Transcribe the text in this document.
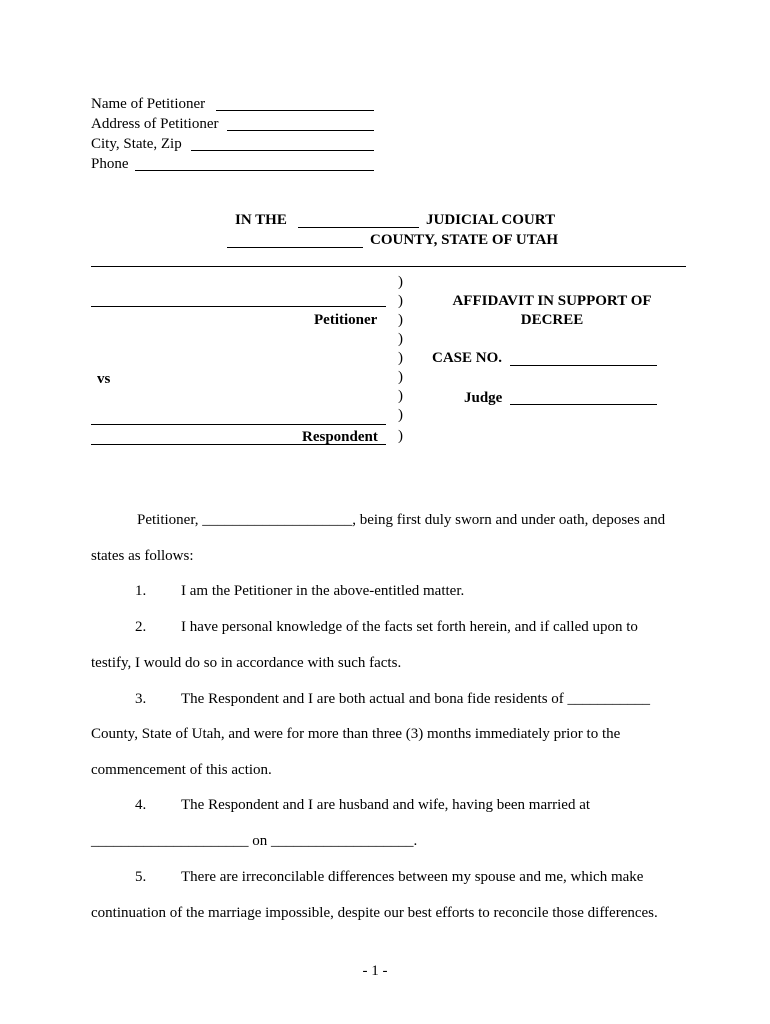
Name of Petitioner
Address of Petitioner
City, State, Zip
Phone
IN THE	JUDICIAL COURT
COUNTY, STATE OF UTAH
Petitioner
vs
Respondent
)
)
)
)
)
)
)
)
)
AFFIDAVIT IN SUPPORT OF
DECREE
CASE NO.
Judge
Petitioner, ____________________, being first duly sworn and under oath, deposes and
states as follows:
1. I am the Petitioner in the above-entitled matter.
2. I have personal knowledge of the facts set forth herein, and if called upon to
testify, I would do so in accordance with such facts.
3. The Respondent and I are both actual and bona fide residents of ___________
County, State of Utah, and were for more than three (3) months immediately prior to the
commencement of this action.
4. The Respondent and I are husband and wife, having been married at
_____________________ on ___________________.
5. There are irreconcilable differences between my spouse and me, which make
continuation of the marriage impossible, despite our best efforts to reconcile those differences.
- 1 -
